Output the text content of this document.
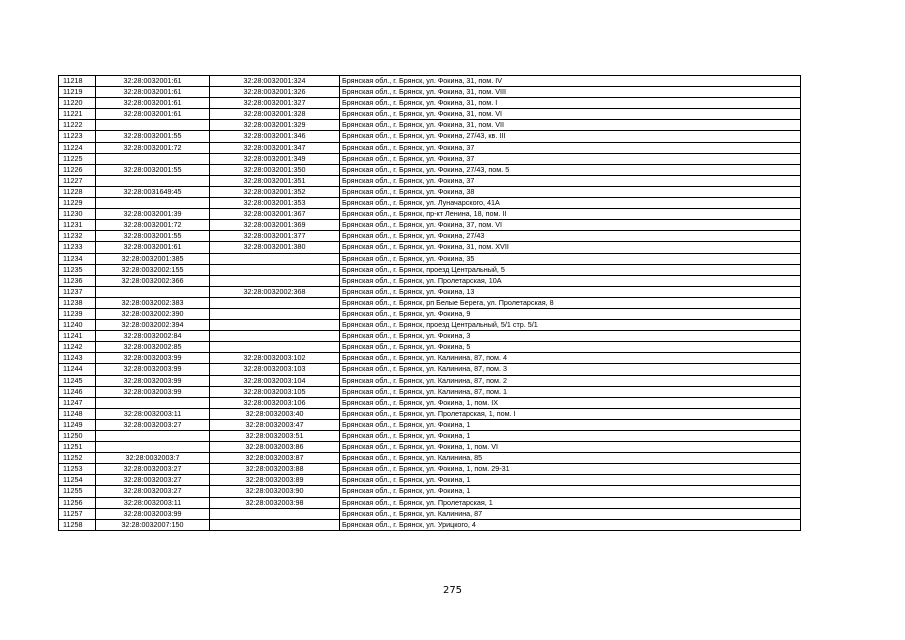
11218	32:28:0032001:61	32:28:0032001:324	Брянская обл., г. Брянск, ул. Фокина, 31, пом. IV
11219	32:28:0032001:61	32:28:0032001:326	Брянская обл., г. Брянск, ул. Фокина, 31, пом. VIII
11220	32:28:0032001:61	32:28:0032001:327	Брянская обл., г. Брянск, ул. Фокина, 31, пом. I
11221	32:28:0032001:61	32:28:0032001:328	Брянская обл., г. Брянск, ул. Фокина, 31, пом. VI
11222		32:28:0032001:329	Брянская обл., г. Брянск, ул. Фокина, 31, пом. VII
11223	32:28:0032001:55	32:28:0032001:346	Брянская обл., г. Брянск, ул. Фокина, 27/43, кв. III
11224	32:28:0032001:72	32:28:0032001:347	Брянская обл., г. Брянск, ул. Фокина, 37
11225		32:28:0032001:349	Брянская обл., г. Брянск, ул. Фокина, 37
11226	32:28:0032001:55	32:28:0032001:350	Брянская обл., г. Брянск, ул. Фокина, 27/43, пом. 5
11227		32:28:0032001:351	Брянская обл., г. Брянск, ул. Фокина, 37
11228	32:28:0031649:45	32:28:0032001:352	Брянская обл., г. Брянск, ул. Фокина, 38
11229		32:28:0032001:353	Брянская обл., г. Брянск, ул. Луначарского, 41А
11230	32:28:0032001:39	32:28:0032001:367	Брянская обл., г. Брянск, пр-кт Ленина, 18, пом. II
11231	32:28:0032001:72	32:28:0032001:369	Брянская обл., г. Брянск, ул. Фокина, 37, пом. VI
11232	32:28:0032001:55	32:28:0032001:377	Брянская обл., г. Брянск, ул. Фокина, 27/43
11233	32:28:0032001:61	32:28:0032001:380	Брянская обл., г. Брянск, ул. Фокина, 31, пом. XVII
11234	32:28:0032001:385		Брянская обл., г. Брянск, ул. Фокина, 35
11235	32:28:0032002:155		Брянская обл., г. Брянск, проезд Центральный, 5
11236	32:28:0032002:366		Брянская обл., г. Брянск, ул. Пролетарская, 10А
11237		32:28:0032002:368	Брянская обл., г. Брянск, ул. Фокина, 13
11238	32:28:0032002:383		Брянская обл., г. Брянск, рп Белые Берега, ул. Пролетарская, 8
11239	32:28:0032002:390		Брянская обл., г. Брянск, ул. Фокина, 9
11240	32:28:0032002:394		Брянская обл., г. Брянск, проезд Центральный, 5/1 стр. 5/1
11241	32:28:0032002:84		Брянская обл., г. Брянск, ул. Фокина, 3
11242	32:28:0032002:85		Брянская обл., г. Брянск, ул. Фокина, 5
11243	32:28:0032003:99	32:28:0032003:102	Брянская обл., г. Брянск, ул. Калинина, 87, пом. 4
11244	32:28:0032003:99	32:28:0032003:103	Брянская обл., г. Брянск, ул. Калинина, 87, пом. 3
11245	32:28:0032003:99	32:28:0032003:104	Брянская обл., г. Брянск, ул. Калинина, 87, пом. 2
11246	32:28:0032003:99	32:28:0032003:105	Брянская обл., г. Брянск, ул. Калинина, 87, пом. 1
11247		32:28:0032003:106	Брянская обл., г. Брянск, ул. Фокина, 1, пом. IX
11248	32:28:0032003:11	32:28:0032003:40	Брянская обл., г. Брянск, ул. Пролетарская, 1, пом. I
11249	32:28:0032003:27	32:28:0032003:47	Брянская обл., г. Брянск, ул. Фокина, 1
11250		32:28:0032003:51	Брянская обл., г. Брянск, ул. Фокина, 1
11251		32:28:0032003:86	Брянская обл., г. Брянск, ул. Фокина, 1, пом. VI
11252	32:28:0032003:7	32:28:0032003:87	Брянская обл., г. Брянск, ул. Калинина, 85
11253	32:28:0032003:27	32:28:0032003:88	Брянская обл., г. Брянск, ул. Фокина, 1, пом. 29-31
11254	32:28:0032003:27	32:28:0032003:89	Брянская обл., г. Брянск, ул. Фокина, 1
11255	32:28:0032003:27	32:28:0032003:90	Брянская обл., г. Брянск, ул. Фокина, 1
11256	32:28:0032003:11	32:28:0032003:98	Брянская обл., г. Брянск, ул. Пролетарская, 1
11257	32:28:0032003:99		Брянская обл., г. Брянск, ул. Калинина, 87
11258	32:28:0032007:150		Брянская обл., г. Брянск, ул. Урицкого, 4
275
